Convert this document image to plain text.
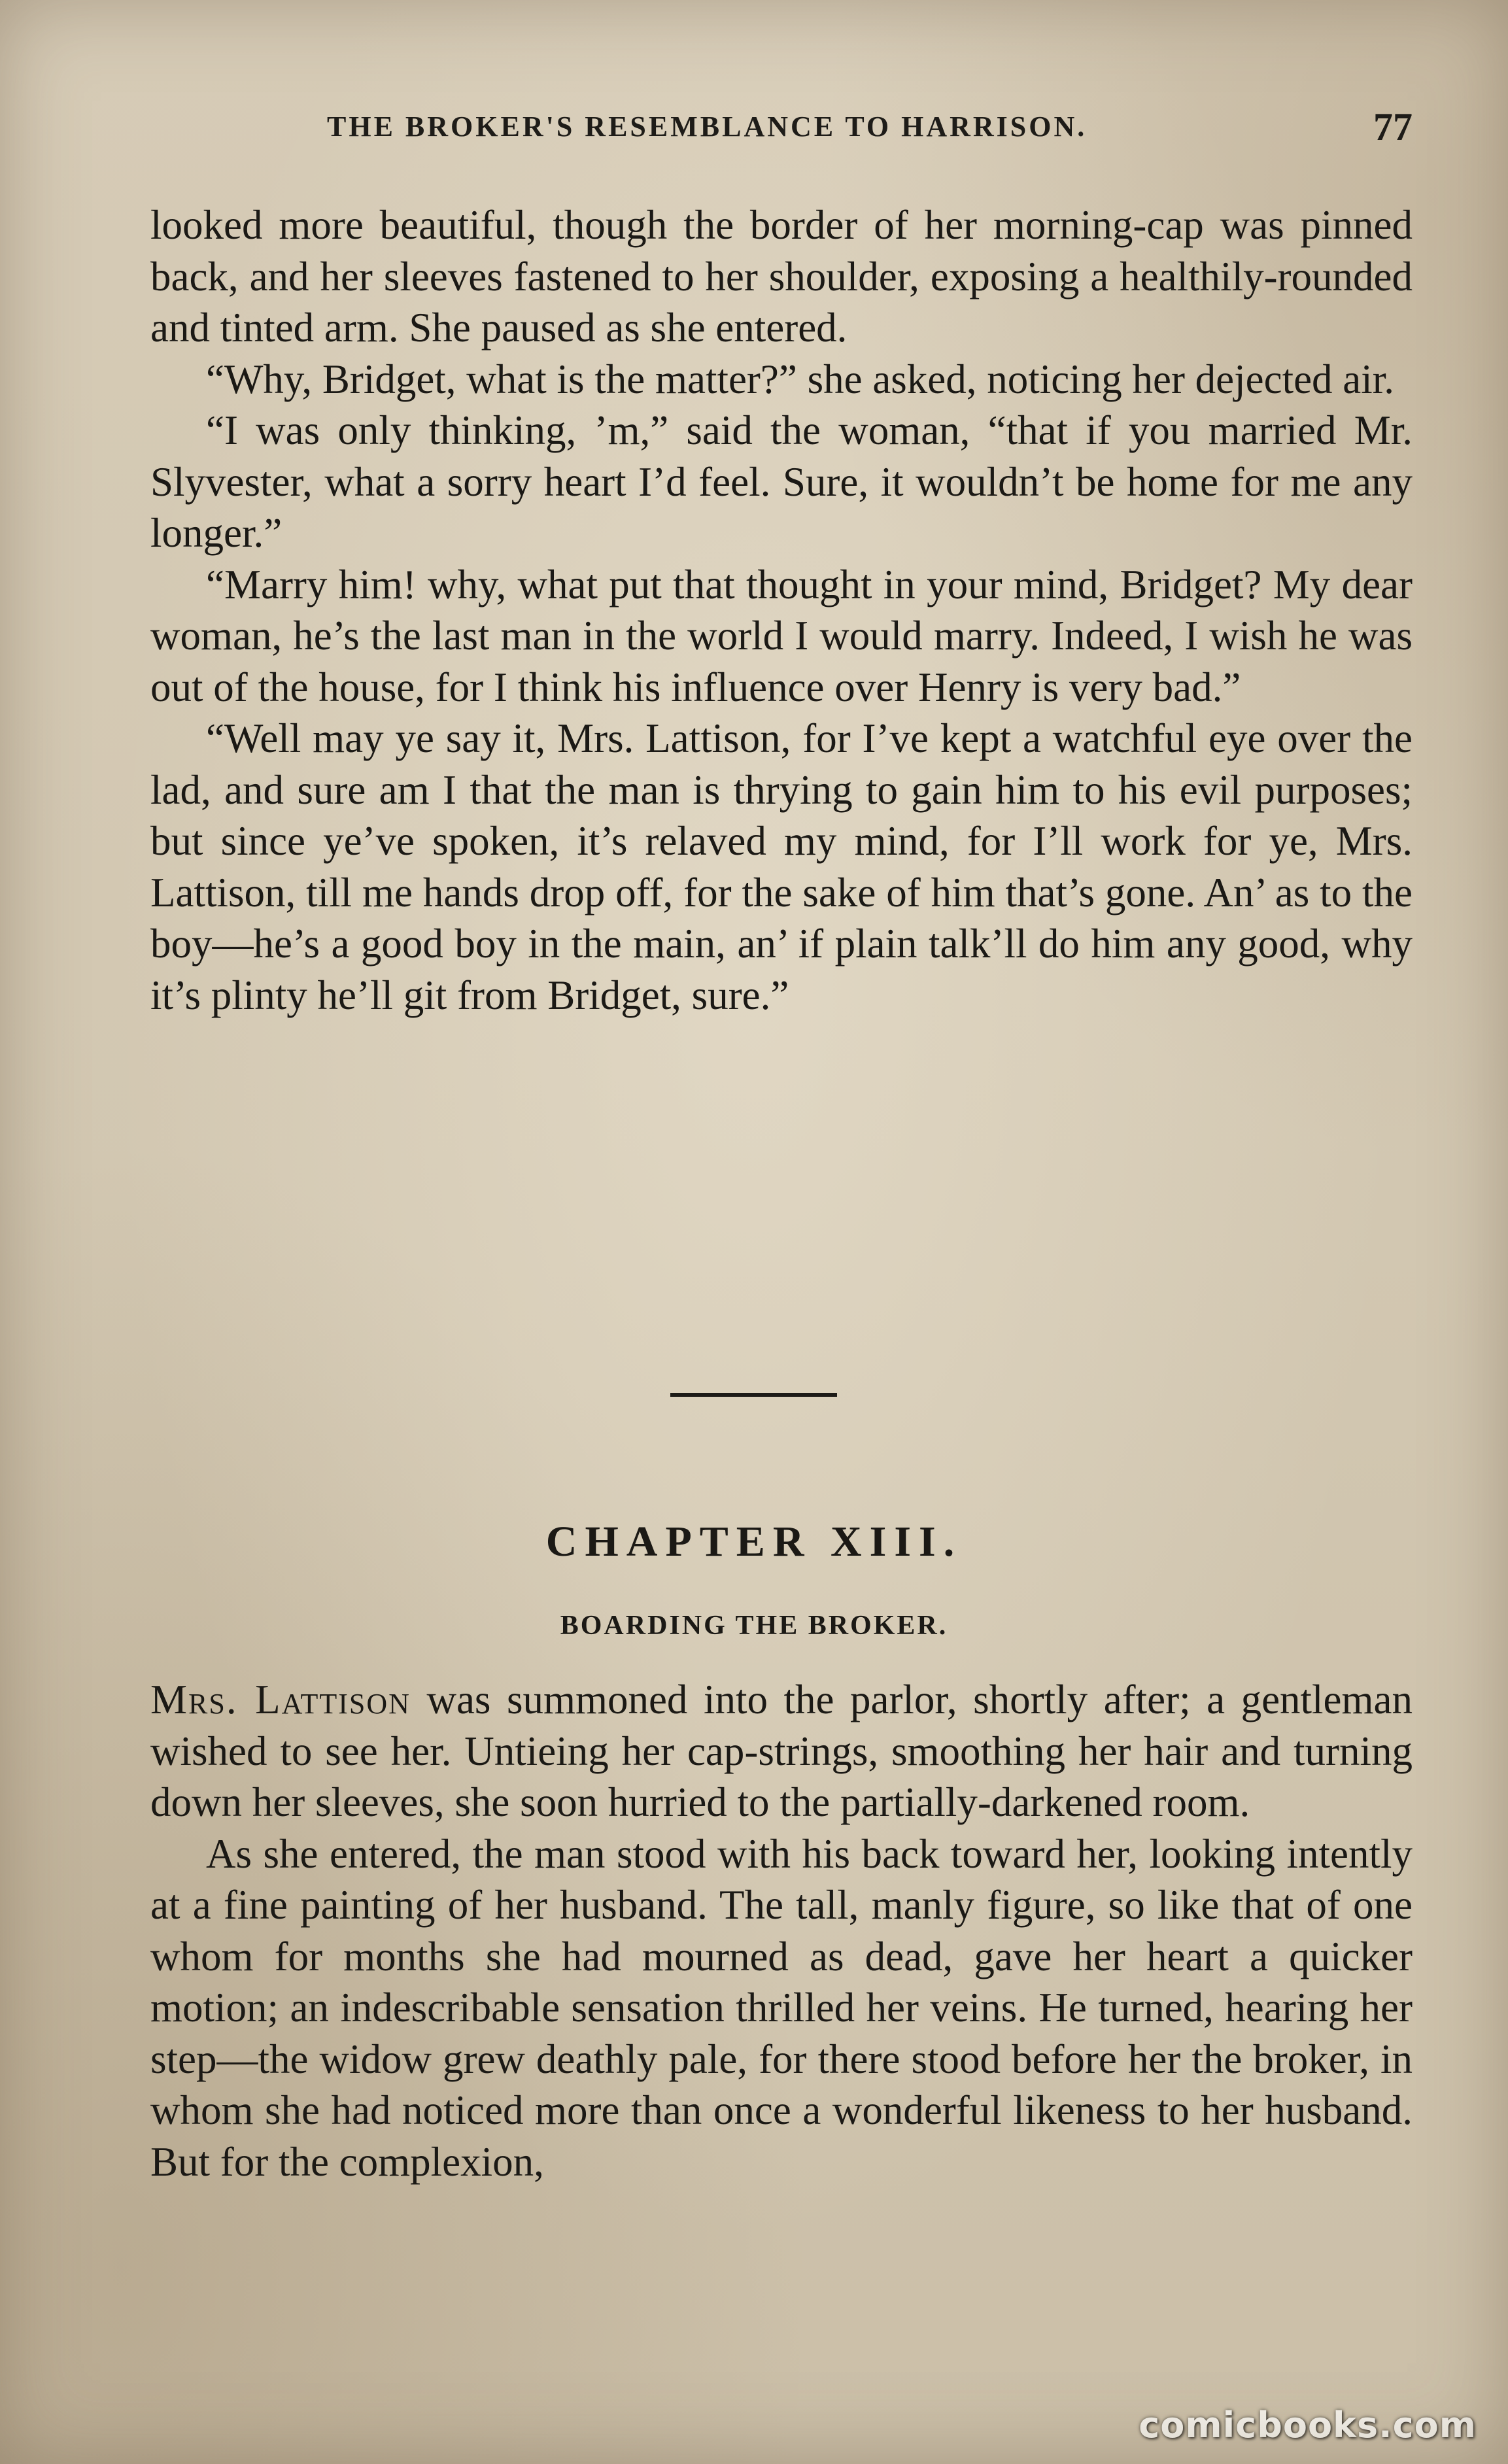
THE BROKER'S RESEMBLANCE TO HARRISON.	77

looked more beautiful, though the border of her morning-cap was pinned back, and her sleeves fastened to her shoulder, exposing a healthily-rounded and tinted arm. She paused as she entered.

“Why, Bridget, what is the matter?” she asked, noticing her dejected air.

“I was only thinking, ’m,” said the woman, “that if you married Mr. Slyvester, what a sorry heart I’d feel. Sure, it wouldn’t be home for me any longer.”

“Marry him! why, what put that thought in your mind, Bridget? My dear woman, he’s the last man in the world I would marry. Indeed, I wish he was out of the house, for I think his influence over Henry is very bad.”

“Well may ye say it, Mrs. Lattison, for I’ve kept a watchful eye over the lad, and sure am I that the man is thrying to gain him to his evil purposes; but since ye’ve spoken, it’s relaved my mind, for I’ll work for ye, Mrs. Lattison, till me hands drop off, for the sake of him that’s gone. An’ as to the boy—he’s a good boy in the main, an’ if plain talk’ll do him any good, why it’s plinty he’ll git from Bridget, sure.”

CHAPTER XIII.
BOARDING THE BROKER.

Mrs. Lattison was summoned into the parlor, shortly after; a gentleman wished to see her. Untieing her cap-strings, smoothing her hair and turning down her sleeves, she soon hurried to the partially-darkened room.

As she entered, the man stood with his back toward her, looking intently at a fine painting of her husband. The tall, manly figure, so like that of one whom for months she had mourned as dead, gave her heart a quicker motion; an indescribable sensation thrilled her veins. He turned, hearing her step—the widow grew deathly pale, for there stood before her the broker, in whom she had noticed more than once a wonderful likeness to her husband. But for the complexion,

comicbooks.com
